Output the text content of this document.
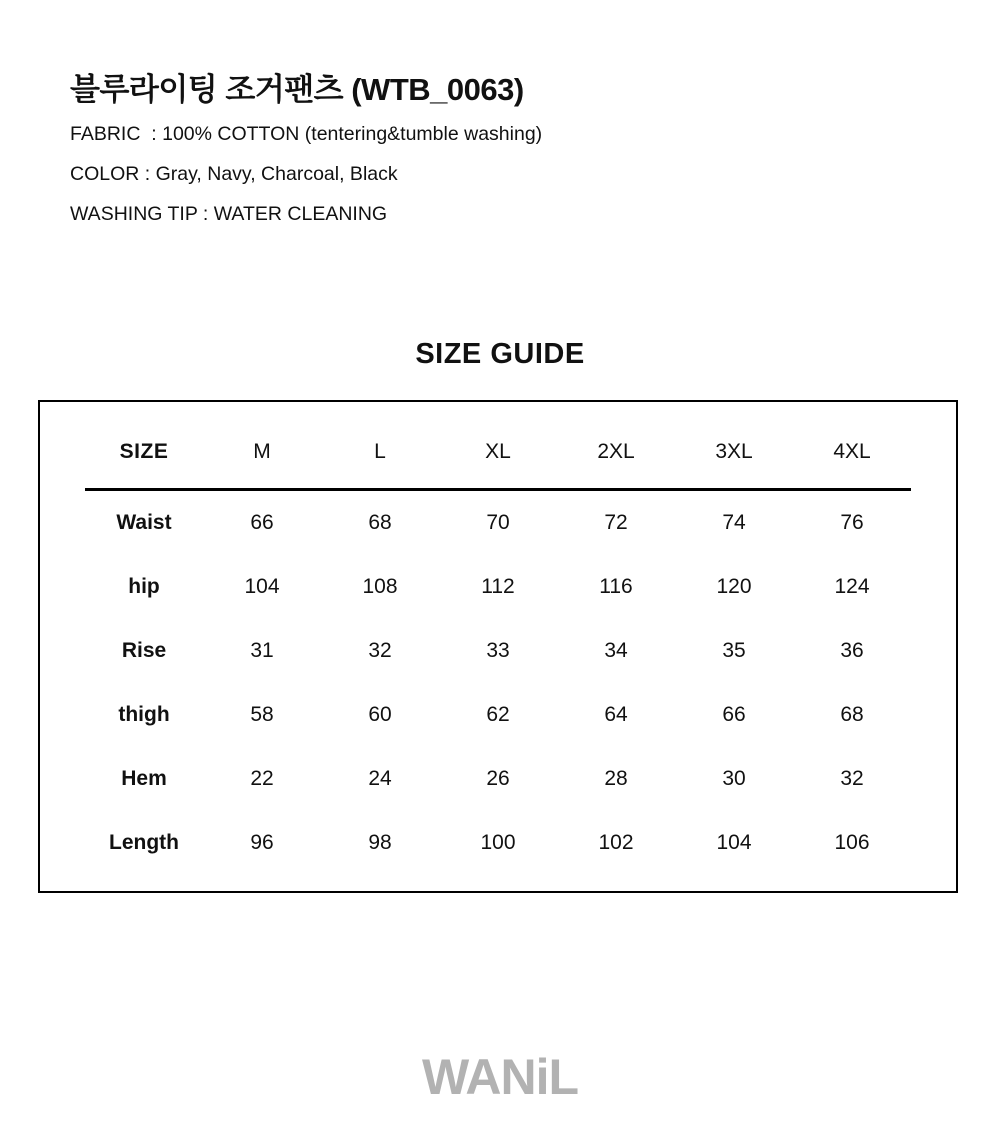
블루라이팅 조거팬츠 (WTB_0063)

FABRIC  : 100% COTTON (tentering&tumble washing)

COLOR : Gray, Navy, Charcoal, Black

WASHING TIP : WATER CLEANING

SIZE GUIDE
SIZE	M	L	XL	2XL	3XL	4XL
Waist	66	68	70	72	74	76
hip	104	108	112	116	120	124
Rise	31	32	33	34	35	36
thigh	58	60	62	64	66	68
Hem	22	24	26	28	30	32
Length	96	98	100	102	104	106
WANiL
